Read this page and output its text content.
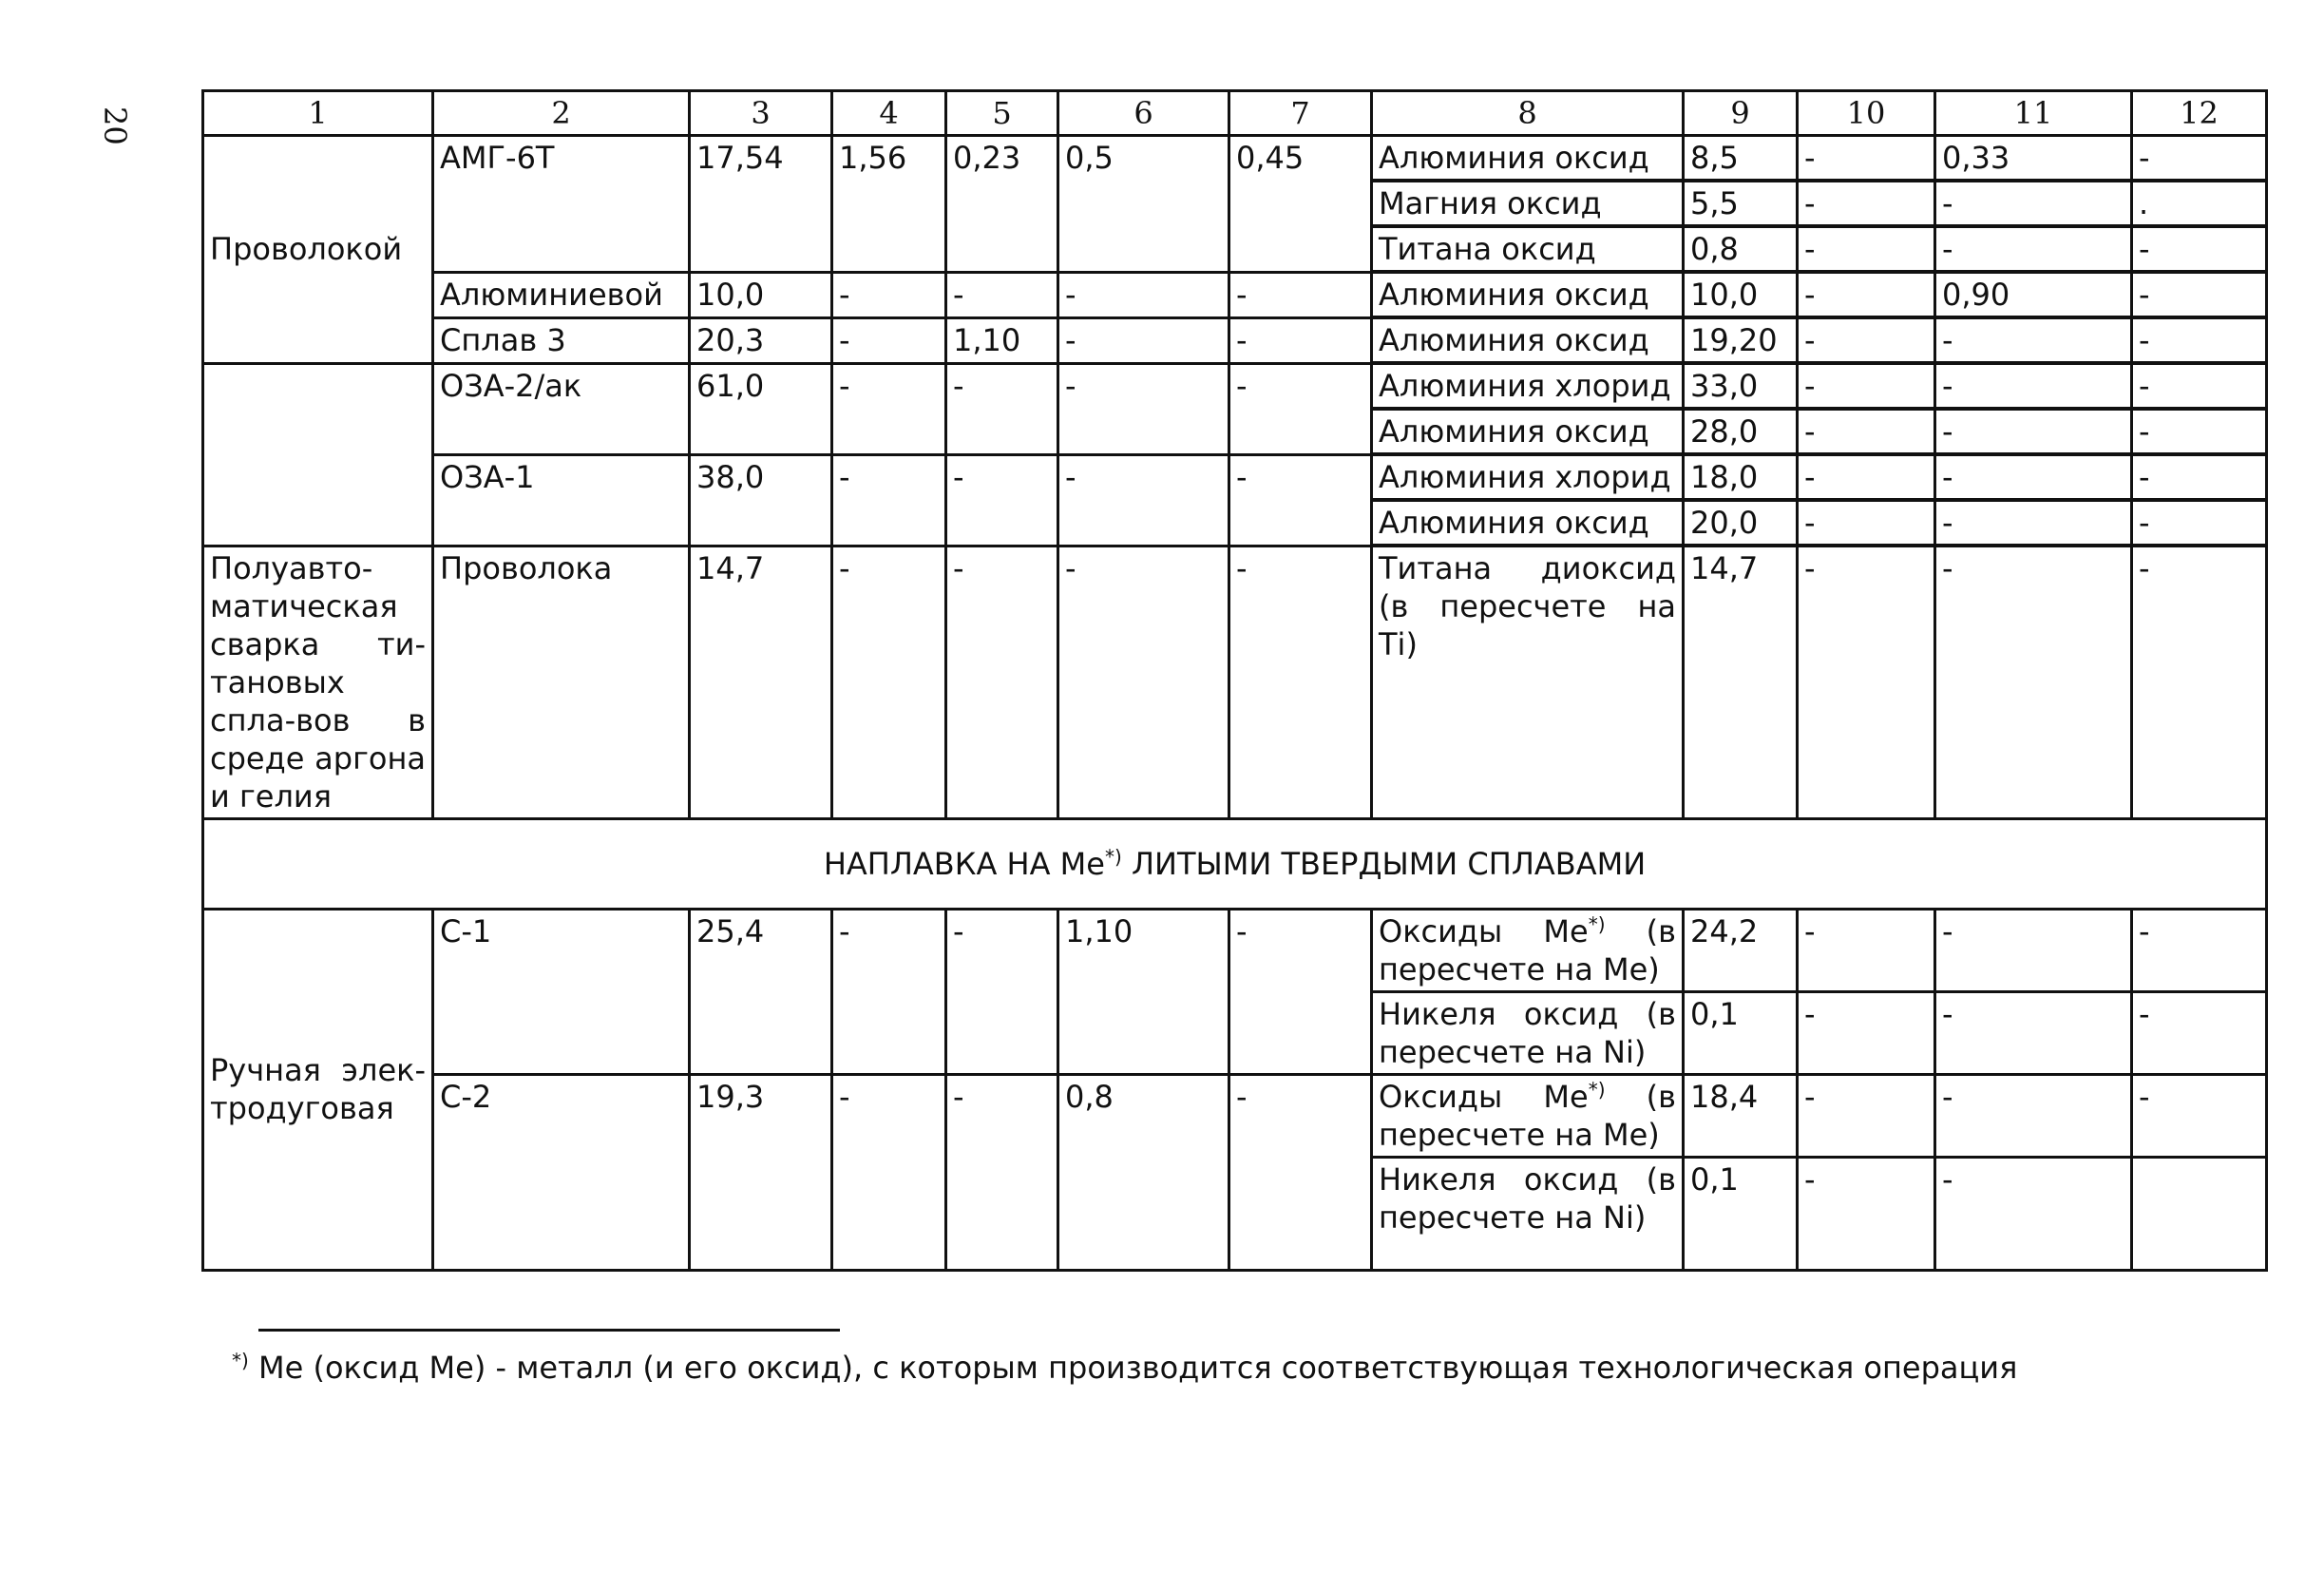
20	1	2	3	4	5	6	7	8	9	10	11	12
Проволокой	АМГ-6Т	17,54	1,56	0,23	0,5	0,45	Алюминия оксид	8,5	-	0,33	-
							Магния оксид	5,5	-	-	.
							Титана оксид	0,8	-	-	-
	Алюминиевой	10,0	-	-	-	-	Алюминия оксид	10,0	-	0,90	-
	Сплав 3	20,3	-	1,10	-	-	Алюминия оксид	19,20	-	-	-
	ОЗА-2/ак	61,0	-	-	-	-	Алюминия хлорид	33,0	-	-	-
							Алюминия оксид	28,0	-	-	-
	ОЗА-1	38,0	-	-	-	-	Алюминия хлорид	18,0	-	-	-
							Алюминия оксид	20,0	-	-	-
Полуавто-матическая сварка ти-тановых спла-вов в среде аргона и гелия	Проволока	14,7	-	-	-	-	Титана диоксид (в пересчете на Тi)	14,7	-	-	-
НАПЛАВКА НА Ме*) ЛИТЫМИ ТВЕРДЫМИ СПЛАВАМИ											
Ручная элек-тродуговая	С-1	25,4	-	-	1,10	-	Оксиды Ме*) (в пересчете на Ме)	24,2	-	-	-
							Никеля оксид (в пересчете на Ni)	0,1	-	-	-
	С-2	19,3	-	-	0,8	-	Оксиды Ме*) (в пересчете на Ме)	18,4	-	-	-
							Никеля оксид (в пересчете на Ni)	0,1	-	-	
*) Ме (оксид Ме) - металл (и его оксид), с которым производится соответствующая технологическая операция
